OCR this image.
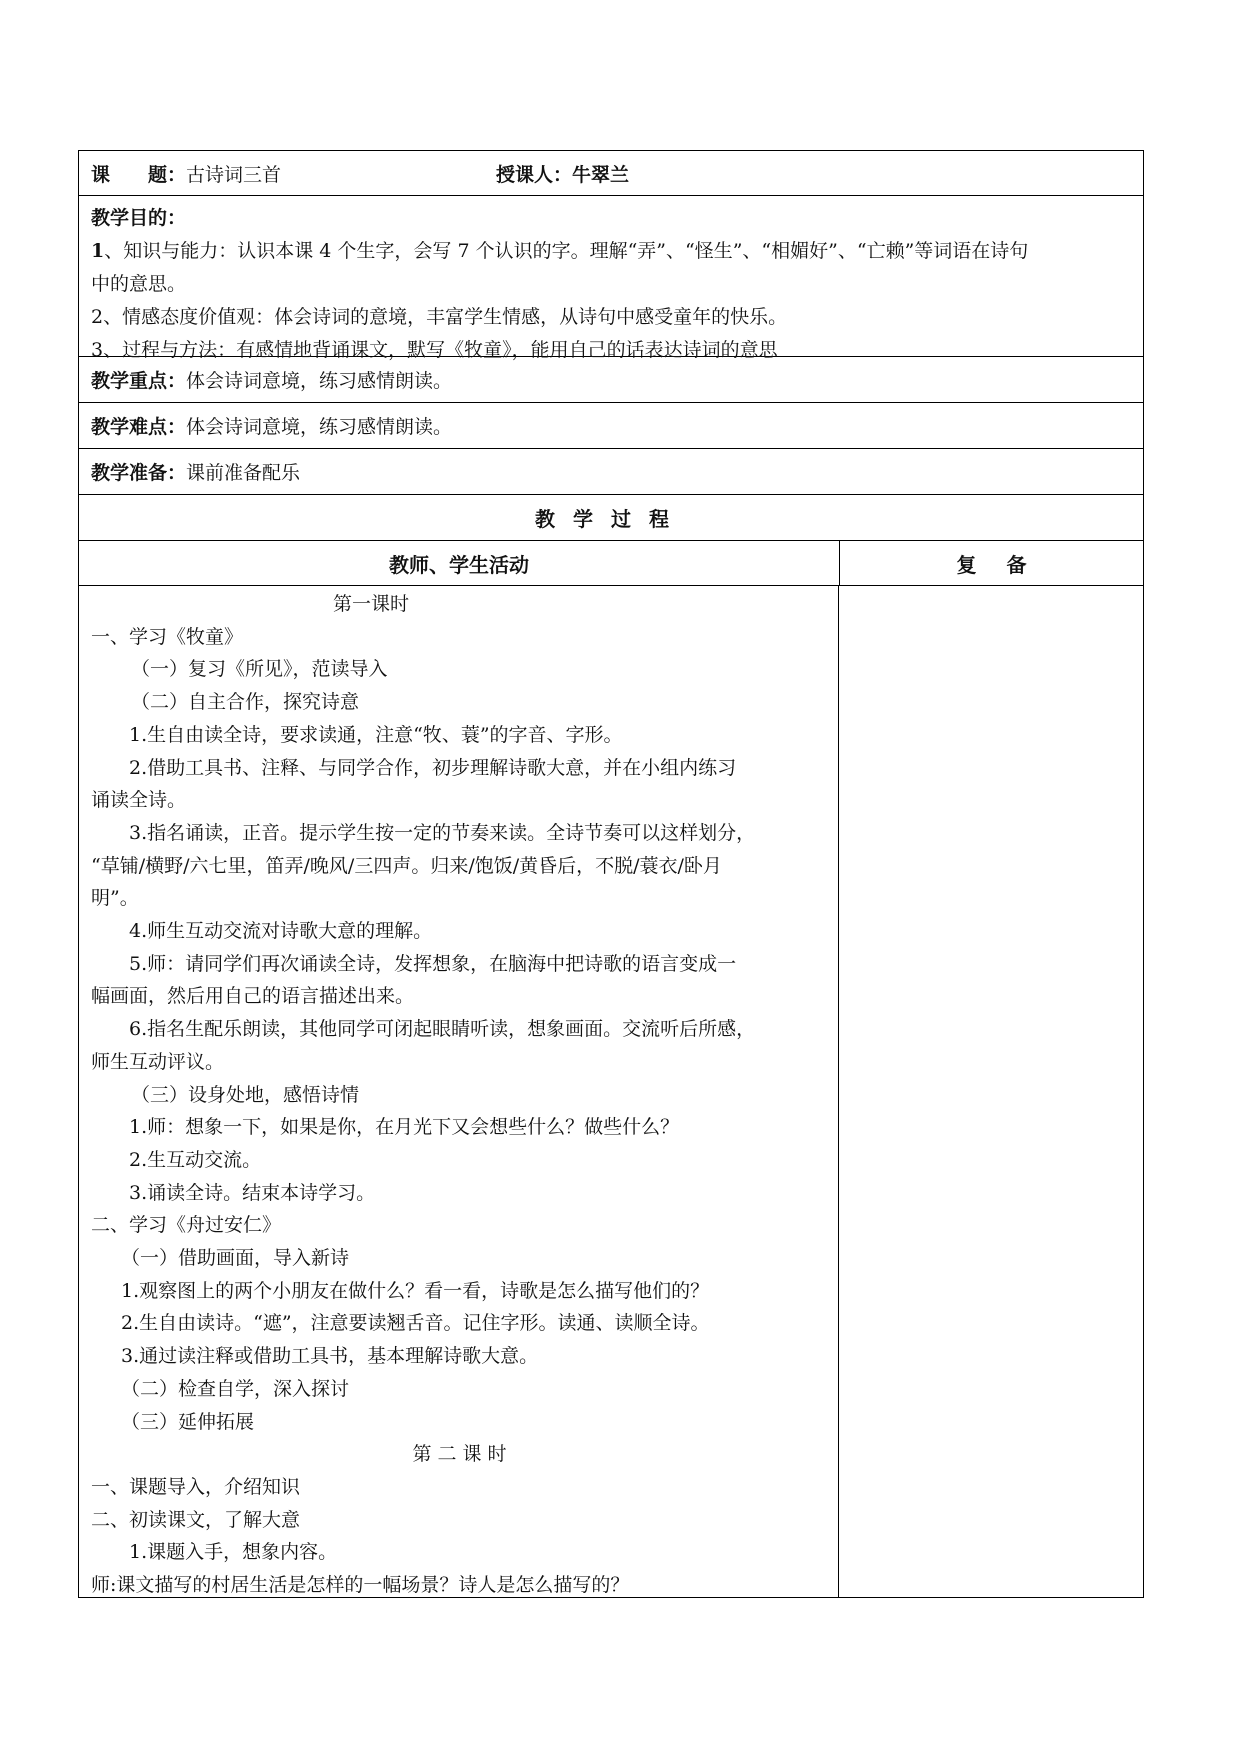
课　　题：古诗词三首	授课人：牛翠兰
教学目的：
1、知识与能力：认识本课 4 个生字，会写 7 个认识的字。理解“弄”、“怪生”、“相媚好”、“亡赖”等词语在诗句
中的意思。
2、情感态度价值观：体会诗词的意境，丰富学生情感，从诗句中感受童年的快乐。
3、过程与方法：有感情地背诵课文，默写《牧童》，能用自己的话表达诗词的意思
教学重点： 体会诗词意境，练习感情朗读。
教学难点： 体会诗词意境，练习感情朗读。
教学准备： 课前准备配乐
教学过程
教师、学生活动	复备
第一课时
一、学习《牧童》
（一）复习《所见》，范读导入
（二）自主合作，探究诗意
1.生自由读全诗，要求读通，注意“牧、蓑”的字音、字形。
2.借助工具书、注释、与同学合作，初步理解诗歌大意，并在小组内练习
诵读全诗。
3.指名诵读，正音。提示学生按一定的节奏来读。全诗节奏可以这样划分，
“草铺/横野/六七里，笛弄/晚风/三四声。归来/饱饭/黄昏后，不脱/蓑衣/卧月
明”。
4.师生互动交流对诗歌大意的理解。
5.师：请同学们再次诵读全诗，发挥想象，在脑海中把诗歌的语言变成一
幅画面，然后用自己的语言描述出来。
6.指名生配乐朗读，其他同学可闭起眼睛听读，想象画面。交流听后所感，
师生互动评议。
（三）设身处地，感悟诗情
1.师：想象一下，如果是你，在月光下又会想些什么？做些什么？
2.生互动交流。
3.诵读全诗。结束本诗学习。
二、学习《舟过安仁》
（一）借助画面，导入新诗
1.观察图上的两个小朋友在做什么？看一看，诗歌是怎么描写他们的？
2.生自由读诗。“遮”，注意要读翘舌音。记住字形。读通、读顺全诗。
3.通过读注释或借助工具书，基本理解诗歌大意。
（二）检查自学，深入探讨
（三）延伸拓展
第 二 课 时
一、课题导入，介绍知识
二、初读课文，了解大意
1.课题入手，想象内容。
师:课文描写的村居生活是怎样的一幅场景？诗人是怎么描写的？
